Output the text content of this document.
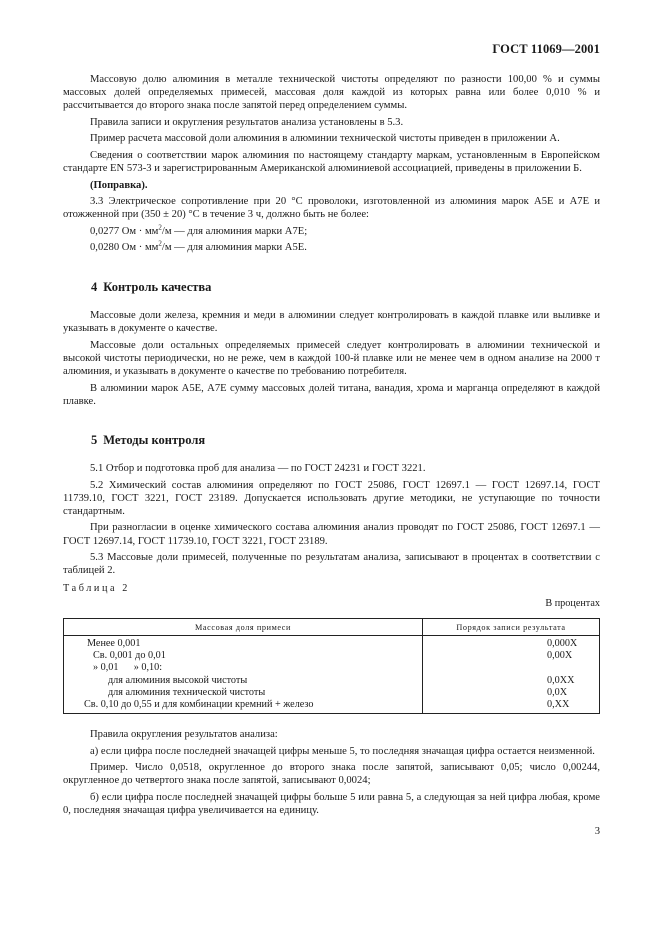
ГОСТ 11069—2001

Массовую долю алюминия в металле технической чистоты определяют по разности 100,00 % и суммы массовых долей определяемых примесей, массовая доля каждой из которых равна или более 0,010 % и рассчитывается до второго знака после запятой перед определением суммы.

Правила записи и округления результатов анализа установлены в 5.3.

Пример расчета массовой доли алюминия в алюминии технической чистоты приведен в приложении А.

Сведения о соответствии марок алюминия по настоящему стандарту маркам, установленным в Европейском стандарте EN 573-3 и зарегистрированным Американской алюминиевой ассоциацией, приведены в приложении Б.

(Поправка).

3.3 Электрическое сопротивление при 20 °С проволоки, изготовленной из алюминия марок А5Е и А7Е и отожженной при (350 ± 20) °С в течение 3 ч, должно быть не более:

0,0277 Ом · $мм^2/м$ — для алюминия марки А7Е;

0,0280 Ом · $мм^2/м$ — для алюминия марки А5Е.

4 Контроль качества

Массовые доли железа, кремния и меди в алюминии следует контролировать в каждой плавке или выливке и указывать в документе о качестве.

Массовые доли остальных определяемых примесей следует контролировать в алюминии технической и высокой чистоты периодически, но не реже, чем в каждой 100-й плавке или не менее чем в одном анализе на 2000 т алюминия, и указывать в документе о качестве по требованию потребителя.

В алюминии марок А5Е, А7Е сумму массовых долей титана, ванадия, хрома и марганца определяют в каждой плавке.

5 Методы контроля

5.1 Отбор и подготовка проб для анализа — по ГОСТ 24231 и ГОСТ 3221.

5.2 Химический состав алюминия определяют по ГОСТ 25086, ГОСТ 12697.1 — ГОСТ 12697.14, ГОСТ 11739.10, ГОСТ 3221, ГОСТ 23189. Допускается использовать другие методики, не уступающие по точности стандартным.

При разногласии в оценке химического состава алюминия анализ проводят по ГОСТ 25086, ГОСТ 12697.1 — ГОСТ 12697.14, ГОСТ 11739.10, ГОСТ 3221, ГОСТ 23189.

5.3 Массовые доли примесей, полученные по результатам анализа, записывают в процентах в соответствии с таблицей 2.

Таблица 2
В процентах
Массовая доля примеси	Порядок записи результата
Менее 0,001	0,000Х
Св. 0,001 до 0,01	0,00Х
» 0,01      » 0,10:	
для алюминия высокой чистоты	0,0ХХ
для алюминия технической чистоты	0,0Х
Св. 0,10 до 0,55 и для комбинации кремний + железо	0,ХХ

Правила округления результатов анализа:

а) если цифра после последней значащей цифры меньше 5, то последняя значащая цифра остается неизменной.

Пример. Число 0,0518, округленное до второго знака после запятой, записывают 0,05; число 0,00244, округленное до четвертого знака после запятой, записывают 0,0024;

б) если цифра после последней значащей цифры больше 5 или равна 5, а следующая за ней цифра любая, кроме 0, последняя значащая цифра увеличивается на единицу.

3
